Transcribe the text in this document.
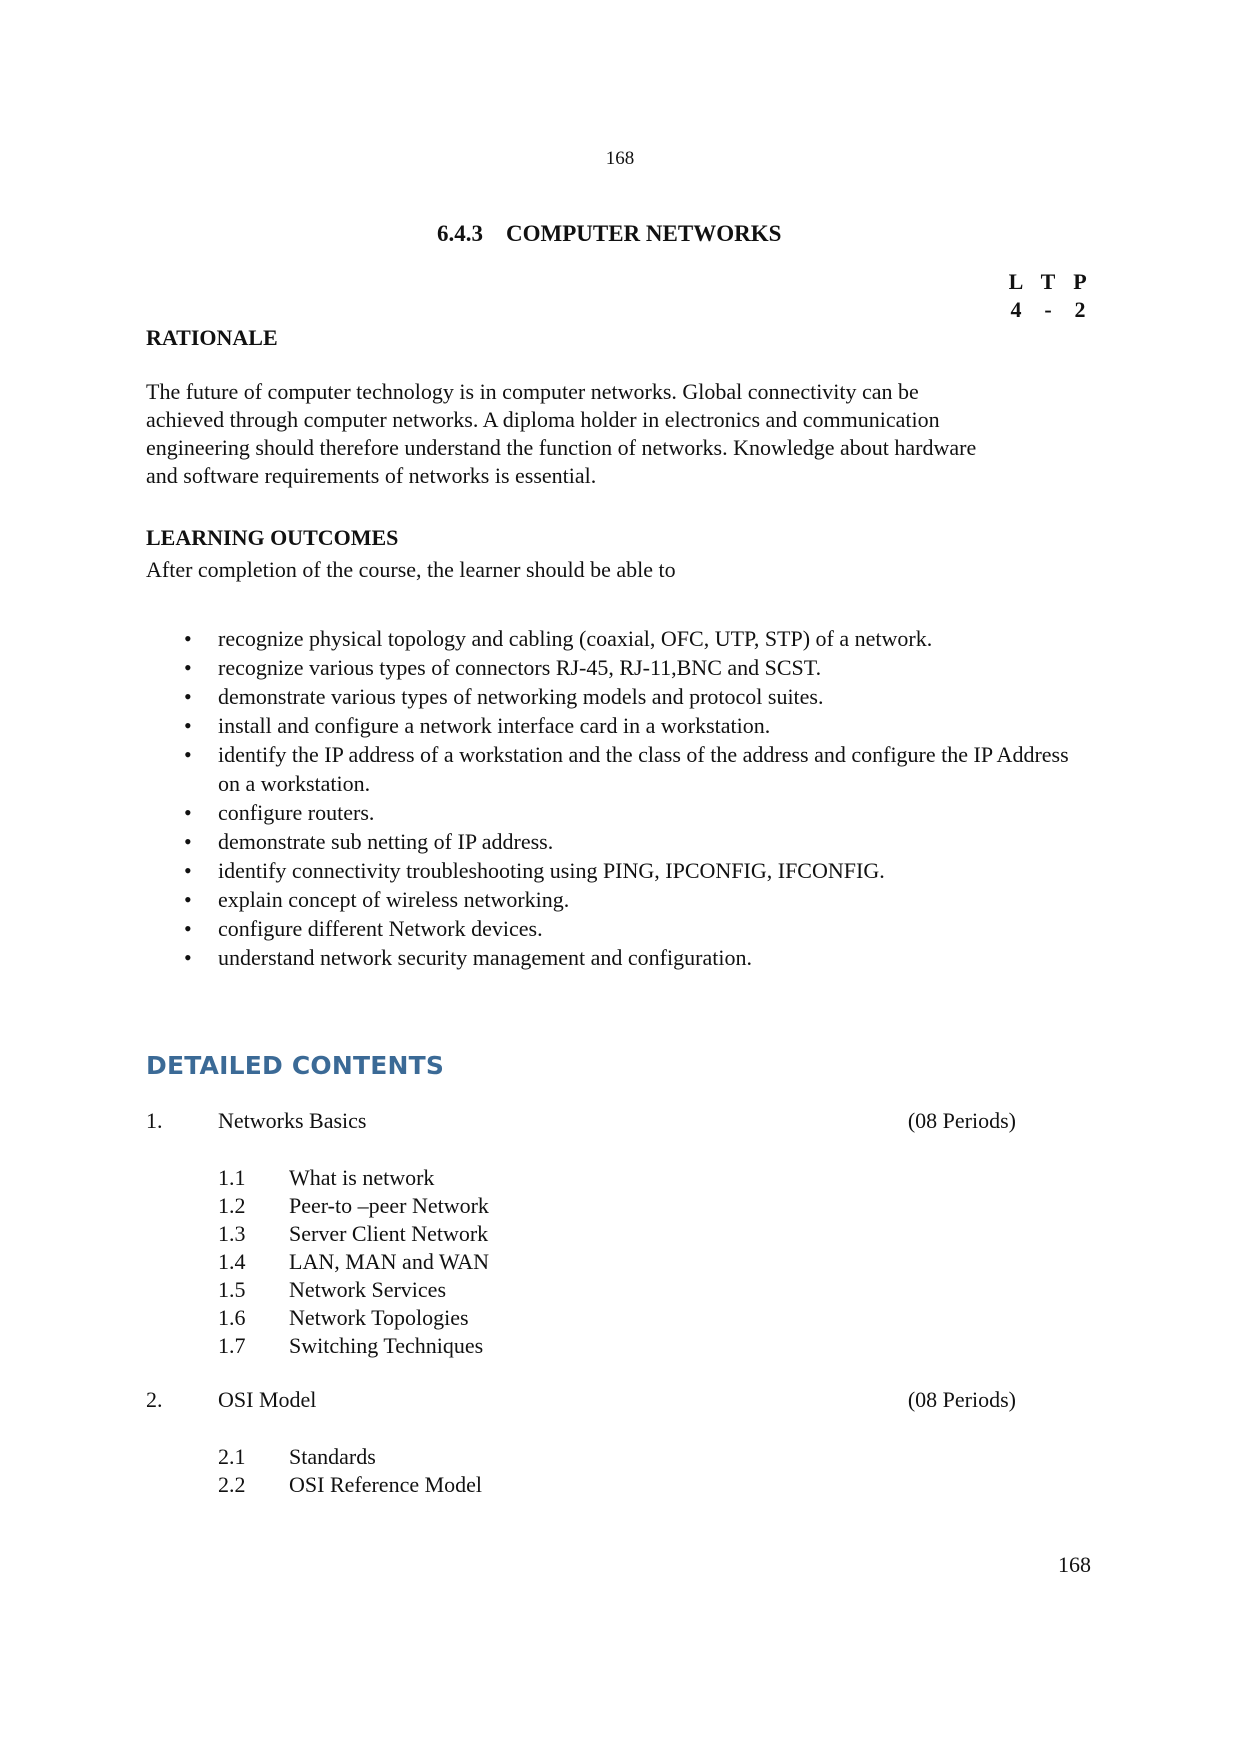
168
6.4.3 COMPUTER NETWORKS
L T P
4	-	2
RATIONALE
The future of computer technology is in computer networks. Global connectivity can be
achieved through computer networks. A diploma holder in electronics and communication
engineering should therefore understand the function of networks. Knowledge about hardware
and software requirements of networks is essential.
LEARNING OUTCOMES
After completion of the course, the learner should be able to
• recognize physical topology and cabling (coaxial, OFC, UTP, STP) of a network.
• recognize various types of connectors RJ-45, RJ-11,BNC and SCST.
• demonstrate various types of networking models and protocol suites.
• install and configure a network interface card in a workstation.
• identify the IP address of a workstation and the class of the address and configure the IP Address on a workstation.
• configure routers.
• demonstrate sub netting of IP address.
• identify connectivity troubleshooting using PING, IPCONFIG, IFCONFIG.
• explain concept of wireless networking.
• configure different Network devices.
• understand network security management and configuration.
DETAILED CONTENTS
1.	Networks Basics	(08 Periods)
1.1	What is network
1.2	Peer-to –peer Network
1.3	Server Client Network
1.4	LAN, MAN and WAN
1.5	Network Services
1.6	Network Topologies
1.7	Switching Techniques
2.	OSI Model	(08 Periods)
2.1	Standards
2.2	OSI Reference Model
168
